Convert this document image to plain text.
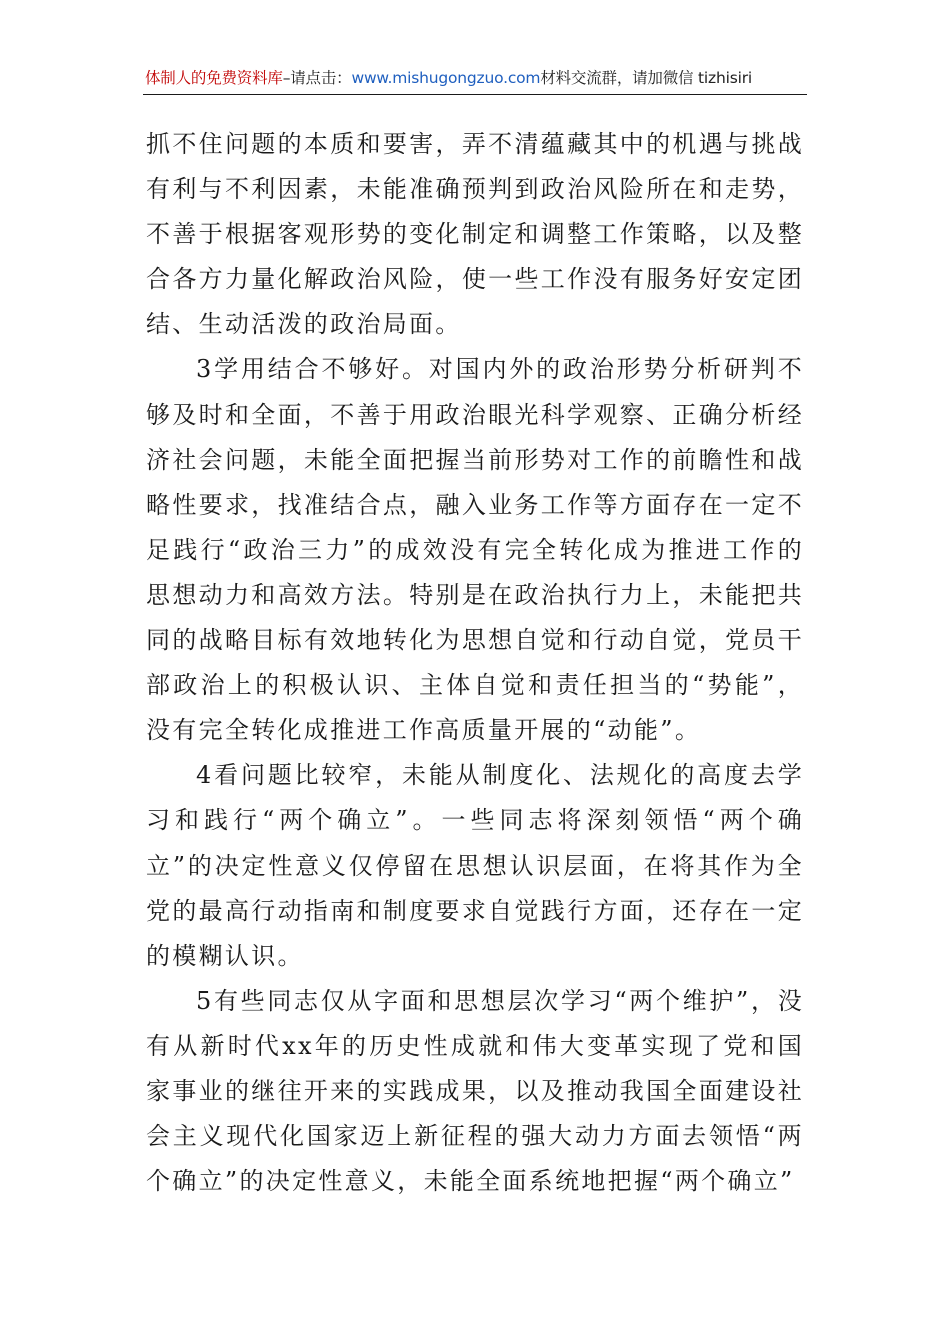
体制人的免费资料库–请点击：www.mishugongzuo.com材料交流群，请加微信 tizhisiri

抓不住问题的本质和要害，弄不清蕴藏其中的机遇与挑战有利与不利因素，未能准确预判到政治风险所在和走势，不善于根据客观形势的变化制定和调整工作策略，以及整合各方力量化解政治风险，使一些工作没有服务好安定团结、生动活泼的政治局面。

3学用结合不够好。对国内外的政治形势分析研判不够及时和全面，不善于用政治眼光科学观察、正确分析经济社会问题，未能全面把握当前形势对工作的前瞻性和战略性要求，找准结合点，融入业务工作等方面存在一定不足践行“政治三力”的成效没有完全转化成为推进工作的思想动力和高效方法。特别是在政治执行力上，未能把共同的战略目标有效地转化为思想自觉和行动自觉，党员干部政治上的积极认识、主体自觉和责任担当的“势能”，没有完全转化成推进工作高质量开展的“动能”。

4看问题比较窄，未能从制度化、法规化的高度去学习和践行“两个确立”。一些同志将深刻领悟“两个确立”的决定性意义仅停留在思想认识层面，在将其作为全党的最高行动指南和制度要求自觉践行方面，还存在一定的模糊认识。

5有些同志仅从字面和思想层次学习“两个维护”，没有从新时代xx年的历史性成就和伟大变革实现了党和国家事业的继往开来的实践成果，以及推动我国全面建设社会主义现代化国家迈上新征程的强大动力方面去领悟“两个确立”的决定性意义，未能全面系统地把握“两个确立”
